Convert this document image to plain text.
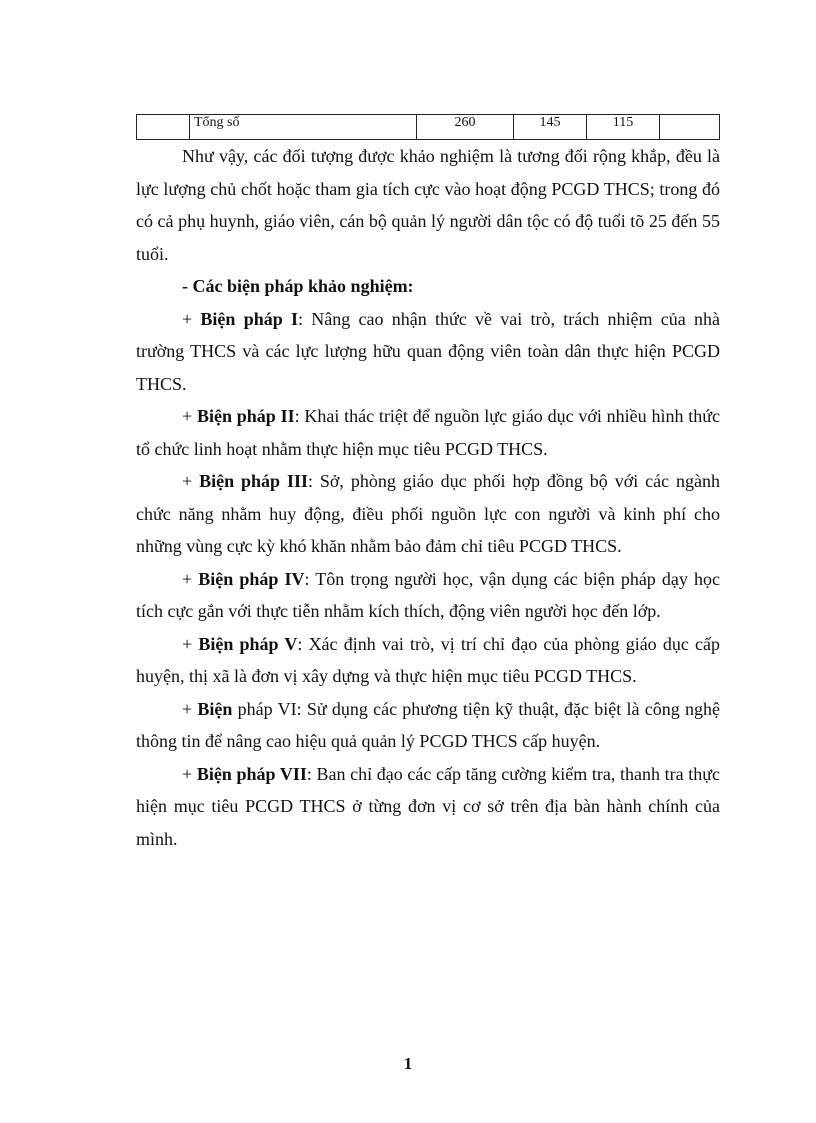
	Tổng số	260	145	115	

Như vậy, các đối tượng được khảo nghiệm là tương đối rộng khắp, đều là lực lượng chủ chốt hoặc tham gia tích cực vào hoạt động PCGD THCS; trong đó có cả phụ huynh, giáo viên, cán bộ quản lý người dân tộc có độ tuổi tõ 25 đến 55 tuổi.

- Các biện pháp khảo nghiệm:

+ Biện pháp I: Nâng cao nhận thức về vai trò, trách nhiệm của nhà trường THCS và các lực lượng hữu quan động viên toàn dân thực hiện PCGD THCS.

+ Biện pháp II: Khai thác triệt để nguồn lực giáo dục với nhiều hình thức tổ chức linh hoạt nhằm thực hiện mục tiêu PCGD THCS.

+ Biện pháp III: Sở, phòng giáo dục phối hợp đồng bộ với các ngành chức năng nhằm huy động, điều phối nguồn lực con người và kinh phí cho những vùng cực kỳ khó khăn nhằm bảo đảm chỉ tiêu PCGD THCS.

+ Biện pháp IV: Tôn trọng người học, vận dụng các biện pháp dạy học tích cực gắn với thực tiễn nhằm kích thích, động viên người học đến lớp.

+ Biện pháp V: Xác định vai trò, vị trí chỉ đạo của phòng giáo dục cấp huyện, thị xã là đơn vị xây dựng và thực hiện mục tiêu PCGD THCS.

+ Biện pháp VI: Sử dụng các phương tiện kỹ thuật, đặc biệt là công nghệ thông tin để nâng cao hiệu quả quản lý PCGD THCS cấp huyện.

+ Biện pháp VII: Ban chỉ đạo các cấp tăng cường kiểm tra, thanh tra thực hiện mục tiêu PCGD THCS ở từng đơn vị cơ sở trên địa bàn hành chính của mình.

1
